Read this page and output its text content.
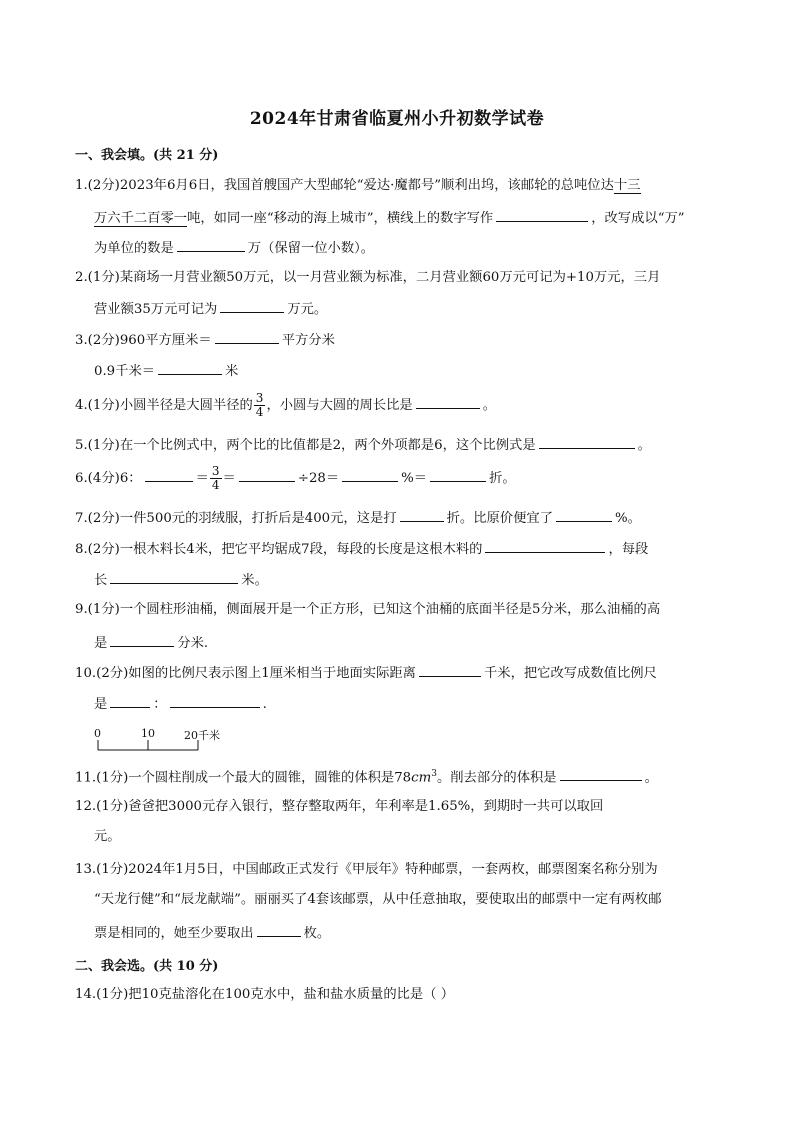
2024年甘肃省临夏州小升初数学试卷
一、我会填。(共 21 分)
1.(2分)2023年6月6日，我国首艘国产大型邮轮“爱达·魔都号”顺利出坞，该邮轮的总吨位达十三
万六千二百零一吨，如同一座“移动的海上城市”，横线上的数字写作	，改写成以“万”
为单位的数是	万（保留一位小数）。
2.(1分)某商场一月营业额50万元，以一月营业额为标准，二月营业额60万元可记为+10万元，三月
营业额35万元可记为	万元。
3.(2分)960平方厘米＝	平方分米
0.9千米＝	米
4.(1分)小圆半径是大圆半径的 $\frac{3}{4}$ ，小圆与大圆的周长比是	。
5.(1分)在一个比例式中，两个比的比值都是2，两个外项都是6，这个比例式是	。
6.(4分)6：	＝ $\frac{3}{4}$ ＝	÷28＝	%＝	折。
7.(2分)一件500元的羽绒服，打折后是400元，这是打	折。比原价便宜了	%。
8.(2分)一根木料长4米，把它平均锯成7段，每段的长度是这根木料的	，每段
长	米。
9.(1分)一个圆柱形油桶，侧面展开是一个正方形，已知这个油桶的底面半径是5分米，那么油桶的高
是	分米.
10.(2分)如图的比例尺表示图上1厘米相当于地面实际距离	千米，把它改写成数值比例尺
是	：	.
0	10	20千米
11.(1分)一个圆柱削成一个最大的圆锥，圆锥的体积是$78cm^3$。削去部分的体积是	。
12.(1分)爸爸把3000元存入银行，整存整取两年，年利率是1.65%，到期时一共可以取回
元。
13.(1分)2024年1月5日，中国邮政正式发行《甲辰年》特种邮票，一套两枚，邮票图案名称分别为
“天龙行健”和“辰龙献端”。丽丽买了4套该邮票，从中任意抽取，要使取出的邮票中一定有两枚邮
票是相同的，她至少要取出	枚。
二、我会选。(共 10 分)
14.(1分)把10克盐溶化在100克水中，盐和盐水质量的比是（ ）
